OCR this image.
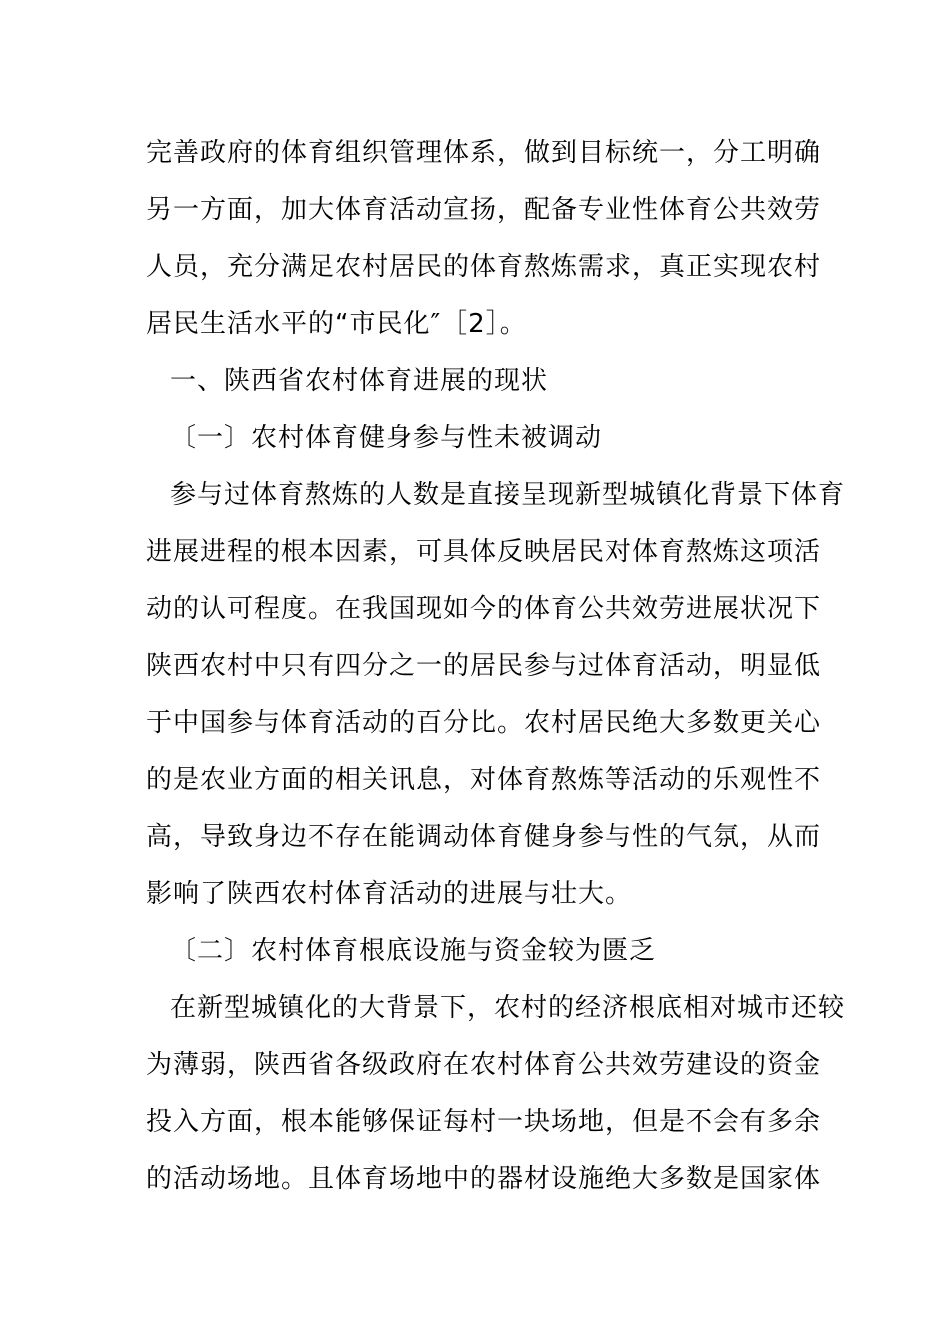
完善政府的体育组织管理体系，做到目标统一，分工明确
另一方面，加大体育活动宣扬，配备专业性体育公共效劳
人员，充分满足农村居民的体育熬炼需求，真正实现农村
居民生活水平的“市民化″［2］。
一、陕西省农村体育进展的现状
〔一〕农村体育健身参与性未被调动
参与过体育熬炼的人数是直接呈现新型城镇化背景下体育
进展进程的根本因素，可具体反映居民对体育熬炼这项活
动的认可程度。在我国现如今的体育公共效劳进展状况下
陕西农村中只有四分之一的居民参与过体育活动，明显低
于中国参与体育活动的百分比。农村居民绝大多数更关心
的是农业方面的相关讯息，对体育熬炼等活动的乐观性不
高，导致身边不存在能调动体育健身参与性的气氛，从而
影响了陕西农村体育活动的进展与壮大。
〔二〕农村体育根底设施与资金较为匮乏
在新型城镇化的大背景下，农村的经济根底相对城市还较
为薄弱，陕西省各级政府在农村体育公共效劳建设的资金
投入方面，根本能够保证每村一块场地，但是不会有多余
的活动场地。且体育场地中的器材设施绝大多数是国家体
